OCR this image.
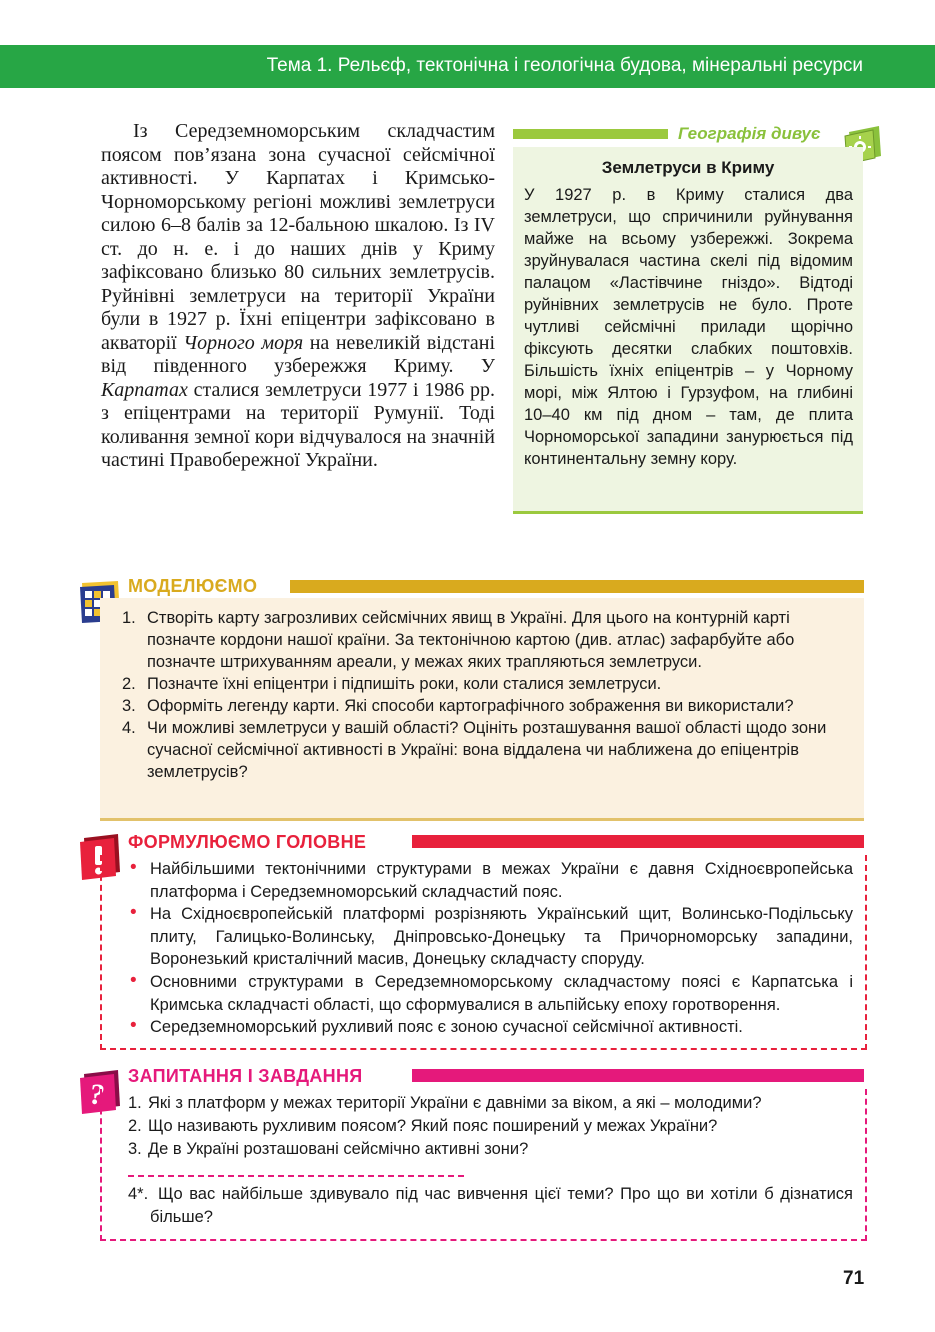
Тема 1. Рельєф, тектонічна і геологічна будова, мінеральні ресурси

Із Середземноморським складчастим поясом пов’язана зона сучасної сейсмічної активності. У Карпатах і Кримсько-Чорноморському регіоні можливі землетруси силою 6–8 балів за 12-бальною шкалою. Із IV ст. до н. е. і до наших днів у Криму зафіксовано близько 80 сильних землетрусів. Руйнівні землетруси на території України були в 1927 р. Їхні епіцентри зафіксовано в акваторії Чорного моря на невеликій відстані від південного узбережжя Криму. У Карпатах сталися землетруси 1977 і 1986 рр. з епіцентрами на території Румунії. Тоді коливання земної кори відчувалося на значній частині Правобережної України.

Географія дивує
Землетруси в Криму
У 1927 р. в Криму сталися два землетруси, що спричинили руйнування майже на всьому узбережжі. Зокрема зруйнувалася частина скелі під відомим палацом «Ластівчине гніздо». Відтоді руйнівних землетрусів не було. Проте чутливі сейсмічні прилади щорічно фіксують десятки слабких поштовхів. Більшість їхніх епіцентрів – у Чорному морі, між Ялтою і Гурзуфом, на глибині 10–40 км під дном – там, де плита Чорноморської западини занурюється під континентальну земну кору.
МОДЕЛЮЄМО
1. Створіть карту загрозливих сейсмічних явищ в Україні. Для цього на контурній карті позначте кордони нашої країни. За тектонічною картою (див. атлас) зафарбуйте або позначте штрихуванням ареали, у межах яких трапляються землетруси.
2. Позначте їхні епіцентри і підпишіть роки, коли сталися землетруси.
3. Оформіть легенду карти. Які способи картографічного зображення ви використали?
4. Чи можливі землетруси у вашій області? Оцініть розташування вашої області щодо зони сучасної сейсмічної активності в Україні: вона віддалена чи наближена до епіцентрів землетрусів?
ФОРМУЛЮЄМО ГОЛОВНЕ
• Найбільшими тектонічними структурами в межах України є давня Східноєвропейська платформа і Середземноморський складчастий пояс.
• На Східноєвропейській платформі розрізняють Український щит, Волинсько-Подільську плиту, Галицько-Волинську, Дніпровсько-Донецьку та Причорноморську западини, Воронезький кристалічний масив, Донецьку складчасту споруду.
• Основними структурами в Середземноморському складчастому поясі є Карпатська і Кримська складчасті області, що сформувалися в альпійську епоху горотворення.
• Середземноморський рухливий пояс є зоною сучасної сейсмічної активності.
?
ЗАПИТАННЯ І ЗАВДАННЯ
1. Які з платформ у межах території України є давніми за віком, а які – молодими?
2. Що називають рухливим поясом? Який пояс поширений у межах України?
3. Де в Україні розташовані сейсмічно активні зони?
4*. Що вас найбільше здивувало під час вивчення цієї теми? Про що ви хотіли б дізнатися більше?
71
